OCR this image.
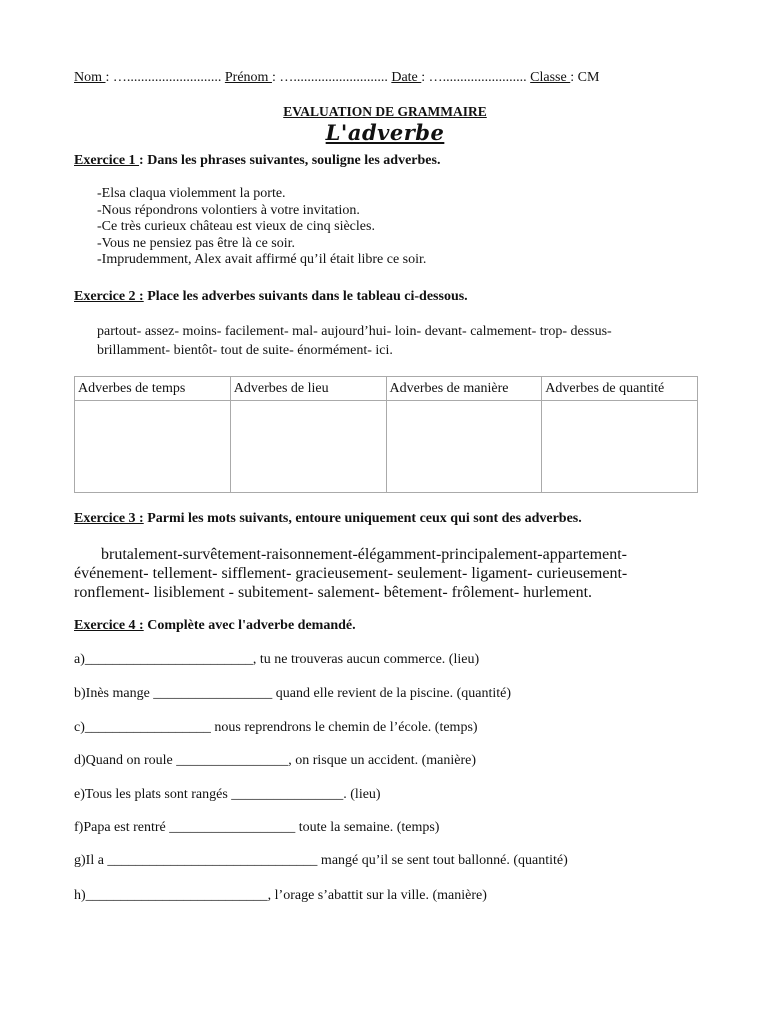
Nom : …........................... Prénom : …........................... Date : …........................ Classe : CM
EVALUATION DE GRAMMAIRE
L'adverbe
Exercice 1 : Dans les phrases suivantes, souligne les adverbes.
-Elsa claqua violemment la porte.
-Nous répondrons volontiers à votre invitation.
-Ce très curieux château est vieux de cinq siècles.
-Vous ne pensiez pas être là ce soir.
-Imprudemment, Alex avait affirmé qu’il était libre ce soir.
Exercice 2 : Place les adverbes suivants dans le tableau ci-dessous.
partout- assez- moins- facilement- mal- aujourd’hui- loin- devant- calmement- trop- dessus-
brillamment- bientôt- tout de suite- énormément- ici.
Adverbes de temps	Adverbes de lieu	Adverbes de manière	Adverbes de quantité

Exercice 3 : Parmi les mots suivants, entoure uniquement ceux qui sont des adverbes.
brutalement-survêtement-raisonnement-élégamment-principalement-appartement-
événement- tellement- sifflement- gracieusement- seulement- ligament- curieusement-
ronflement- lisiblement - subitement- salement- bêtement- frôlement- hurlement.
Exercice 4 : Complète avec l'adverbe demandé.
a)________________________, tu ne trouveras aucun commerce. (lieu)
b)Inès mange _________________ quand elle revient de la piscine. (quantité)
c)__________________ nous reprendrons le chemin de l’école. (temps)
d)Quand on roule ________________, on risque un accident. (manière)
e)Tous les plats sont rangés ________________. (lieu)
f)Papa est rentré __________________ toute la semaine. (temps)
g)Il a ______________________________ mangé qu’il se sent tout ballonné. (quantité)
h)__________________________, l’orage s’abattit sur la ville. (manière)
